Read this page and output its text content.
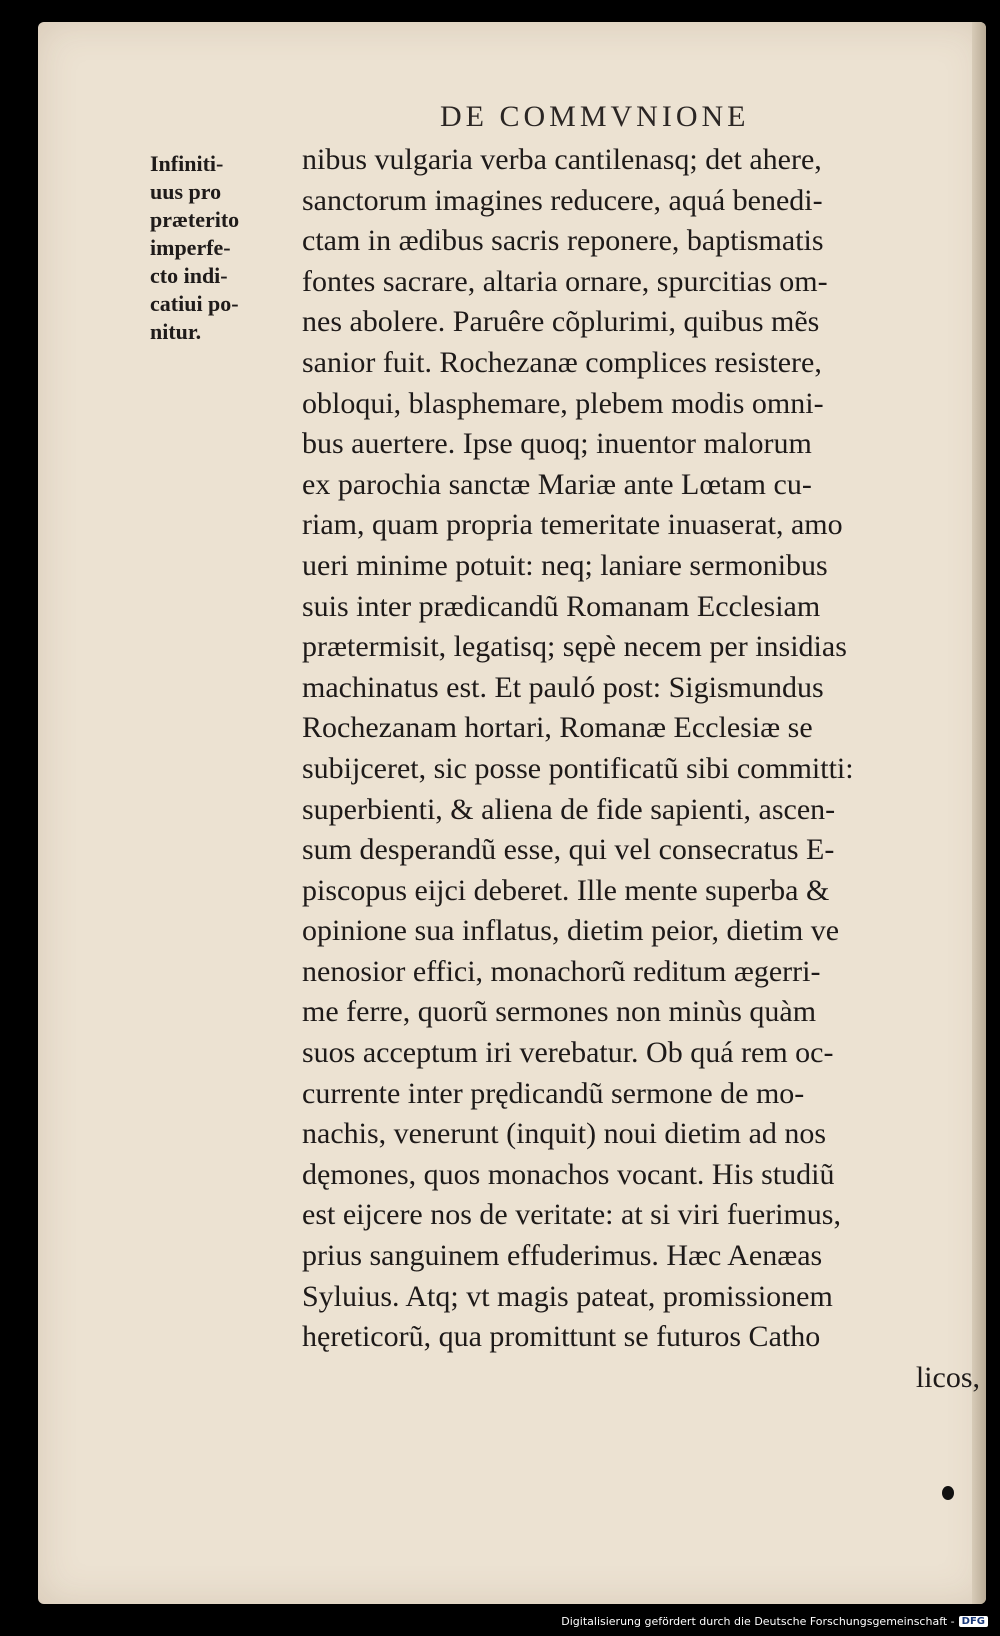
DE COMMVNIONE
Infiniti-
uus pro
præterito
imperfe-
cto indi-
catiui po-
nitur.
nibus vulgaria verba cantilenasq; det ahere,
sanctorum imagines reducere, aquá benedi-
ctam in ædibus sacris reponere, baptismatis
fontes sacrare, altaria ornare, spurcitias om-
nes abolere. Paruêre cõplurimi, quibus mẽs
sanior fuit. Rochezanæ complices resistere,
obloqui, blasphemare, plebem modis omni-
bus auertere. Ipse quoq; inuentor malorum
ex parochia sanctæ Mariæ ante Lœtam cu-
riam, quam propria temeritate inuaserat, amo
ueri minime potuit: neq; laniare sermonibus
suis inter prædicandũ Romanam Ecclesiam
prætermisit, legatisq; sępè necem per insidias
machinatus est. Et pauló post: Sigismundus
Rochezanam hortari, Romanæ Ecclesiæ se
subijceret, sic posse pontificatũ sibi committi:
superbienti, & aliena de fide sapienti, ascen-
sum desperandũ esse, qui vel consecratus E-
piscopus eijci deberet. Ille mente superba &
opinione sua inflatus, dietim peior, dietim ve
nenosior effici, monachorũ reditum ægerri-
me ferre, quorũ sermones non minùs quàm
suos acceptum iri verebatur. Ob quá rem oc-
currente inter prędicandũ sermone de mo-
nachis, venerunt (inquit) noui dietim ad nos
dęmones, quos monachos vocant. His studiũ
est eijcere nos de veritate: at si viri fuerimus,
prius sanguinem effuderimus. Hæc Aenæas
Syluius. Atq; vt magis pateat, promissionem
hęreticorũ, qua promittunt se futuros Catho
licos,
Digitalisierung gefördert durch die Deutsche Forschungsgemeinschaft - DFG
